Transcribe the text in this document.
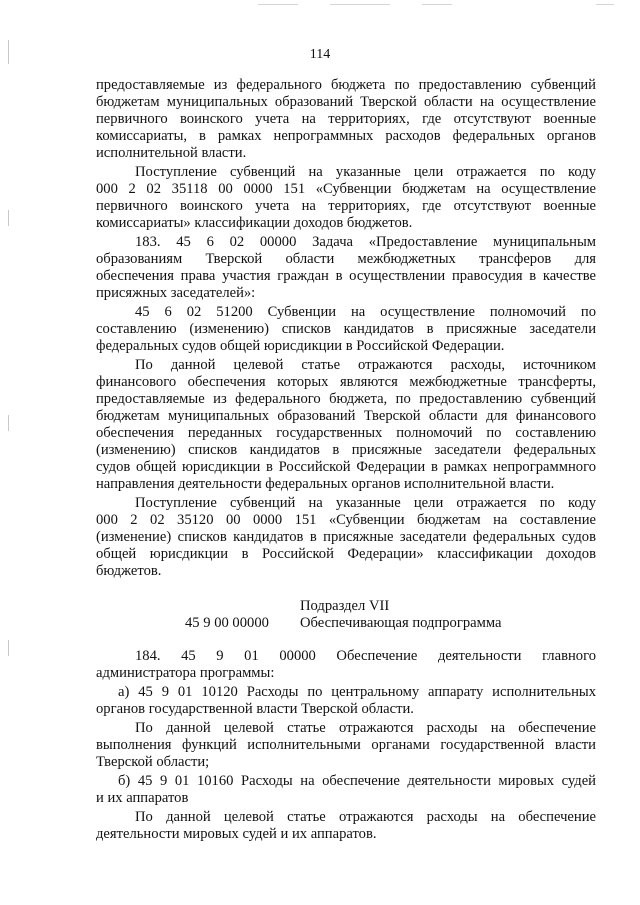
114
предоставляемые из федерального бюджета по предоставлению субвенций
бюджетам муниципальных образований Тверской области на осуществление
первичного воинского учета на территориях, где отсутствуют военные
комиссариаты, в рамках непрограммных расходов федеральных органов
исполнительной власти.
Поступление субвенций на указанные цели отражается по коду
000 2 02 35118 00 0000 151 «Субвенции бюджетам на осуществление
первичного воинского учета на территориях, где отсутствуют военные
комиссариаты» классификации доходов бюджетов.
183. 45 6 02 00000 Задача «Предоставление муниципальным
образованиям Тверской области межбюджетных трансферов для
обеспечения права участия граждан в осуществлении правосудия в качестве
присяжных заседателей»:
45 6 02 51200 Субвенции на осуществление полномочий по
составлению (изменению) списков кандидатов в присяжные заседатели
федеральных судов общей юрисдикции в Российской Федерации.
По данной целевой статье отражаются расходы, источником
финансового обеспечения которых являются межбюджетные трансферты,
предоставляемые из федерального бюджета, по предоставлению субвенций
бюджетам муниципальных образований Тверской области для финансового
обеспечения переданных государственных полномочий по составлению
(изменению) списков кандидатов в присяжные заседатели федеральных
судов общей юрисдикции в Российской Федерации в рамках непрограммного
направления деятельности федеральных органов исполнительной власти.
Поступление субвенций на указанные цели отражается по коду
000 2 02 35120 00 0000 151 «Субвенции бюджетам на составление
(изменение) списков кандидатов в присяжные заседатели федеральных судов
общей юрисдикции в Российской Федерации» классификации доходов
бюджетов.
Подраздел VII
45 9 00 00000 Обеспечивающая подпрограмма
184. 45 9 01 00000 Обеспечение деятельности главного
администратора программы:
а) 45 9 01 10120 Расходы по центральному аппарату исполнительных
органов государственной власти Тверской области.
По данной целевой статье отражаются расходы на обеспечение
выполнения функций исполнительными органами государственной власти
Тверской области;
б) 45 9 01 10160 Расходы на обеспечение деятельности мировых судей
и их аппаратов
По данной целевой статье отражаются расходы на обеспечение
деятельности мировых судей и их аппаратов.
